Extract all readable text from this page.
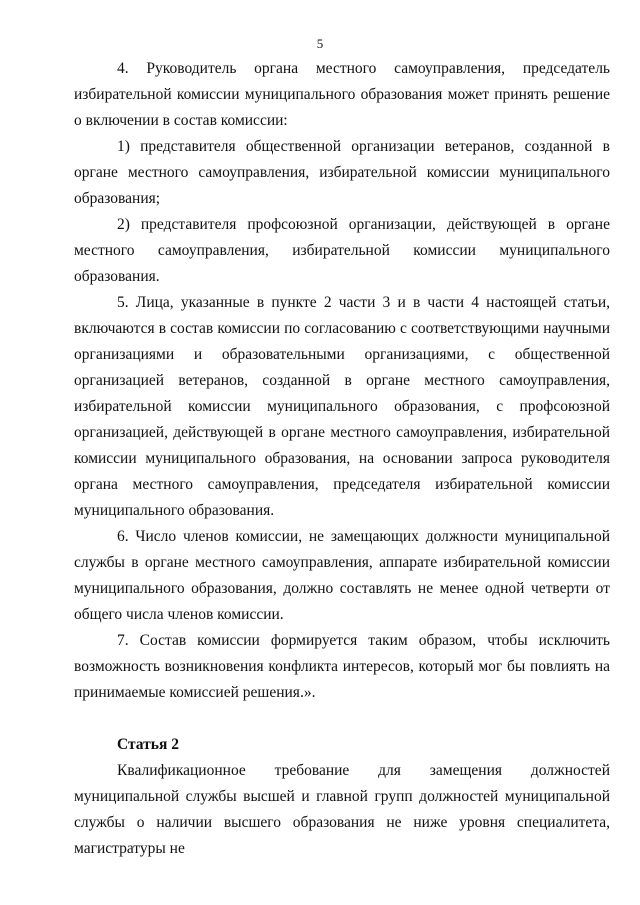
5

4. Руководитель органа местного самоуправления, председатель избирательной комиссии муниципального образования может принять решение о включении в состав комиссии:

1) представителя общественной организации ветеранов, созданной в органе местного самоуправления, избирательной комиссии муниципального образования;

2) представителя профсоюзной организации, действующей в органе местного самоуправления, избирательной комиссии муниципального образования.

5. Лица, указанные в пункте 2 части 3 и в части 4 настоящей статьи, включаются в состав комиссии по согласованию с соответствующими научными организациями и образовательными организациями, с общественной организацией ветеранов, созданной в органе местного самоуправления, избирательной комиссии муниципального образования, с профсоюзной организацией, действующей в органе местного самоуправления, избирательной комиссии муниципального образования, на основании запроса руководителя органа местного самоуправления, председателя избирательной комиссии муниципального образования.

6. Число членов комиссии, не замещающих должности муниципальной службы в органе местного самоуправления, аппарате избирательной комиссии муниципального образования, должно составлять не менее одной четверти от общего числа членов комиссии.

7. Состав комиссии формируется таким образом, чтобы исключить возможность возникновения конфликта интересов, который мог бы повлиять на принимаемые комиссией решения.».

Статья 2

Квалификационное требование для замещения должностей муниципальной службы высшей и главной групп должностей муниципальной службы о наличии высшего образования не ниже уровня специалитета, магистратуры не
